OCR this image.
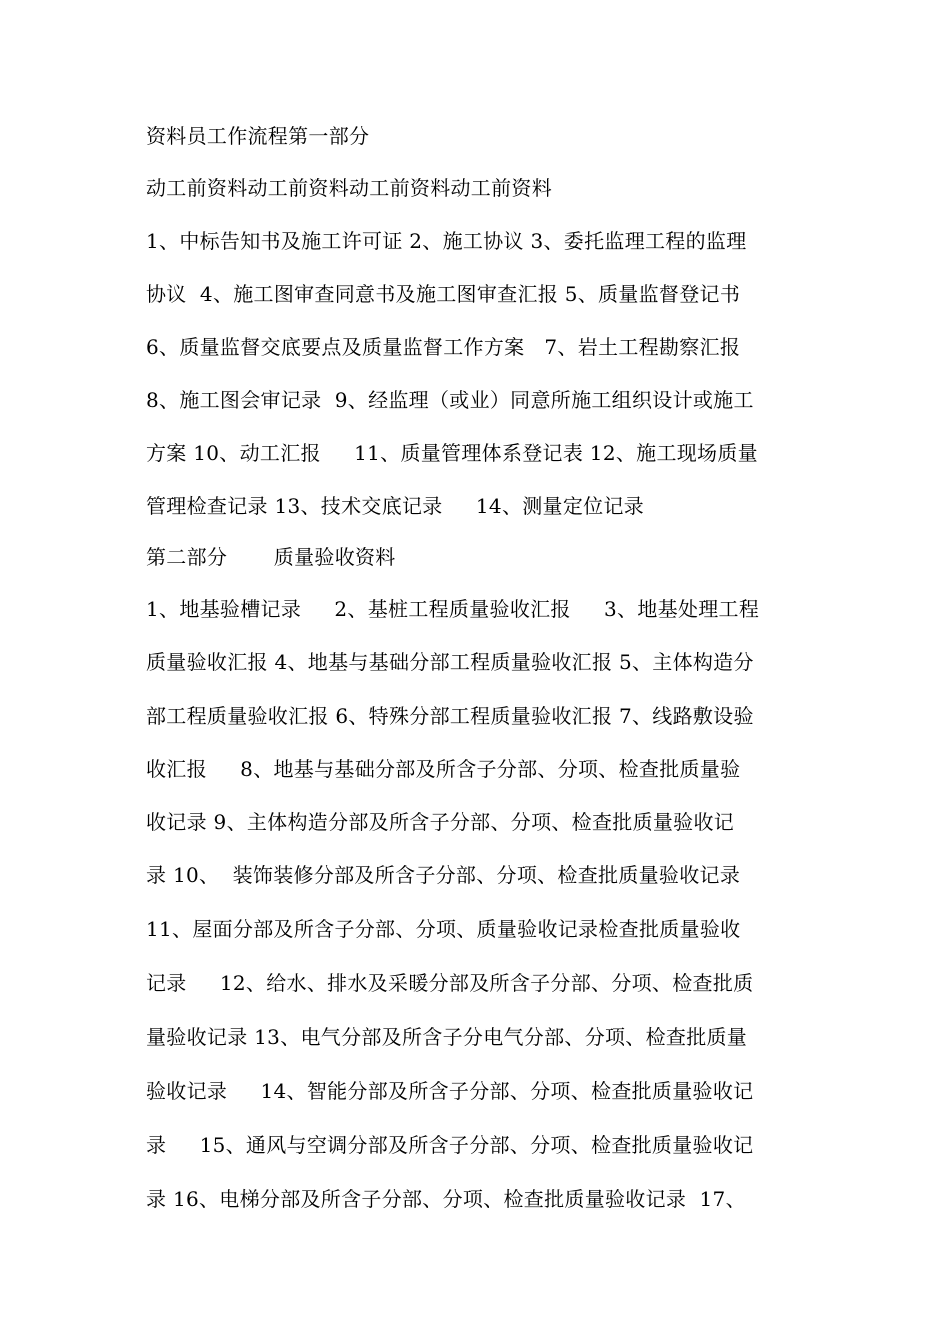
资料员工作流程第一部分
动工前资料动工前资料动工前资料动工前资料
1、中标告知书及施工许可证 2、施工协议 3、委托监理工程的监理
协议  4、施工图审查同意书及施工图审查汇报 5、质量监督登记书
6、质量监督交底要点及质量监督工作方案   7、岩土工程勘察汇报
8、施工图会审记录  9、经监理（或业）同意所施工组织设计或施工
方案 10、动工汇报     11、质量管理体系登记表 12、施工现场质量
管理检查记录 13、技术交底记录     14、测量定位记录
第二部分       质量验收资料
1、地基验槽记录     2、基桩工程质量验收汇报     3、地基处理工程
质量验收汇报 4、地基与基础分部工程质量验收汇报 5、主体构造分
部工程质量验收汇报 6、特殊分部工程质量验收汇报 7、线路敷设验
收汇报     8、地基与基础分部及所含子分部、分项、检查批质量验
收记录 9、主体构造分部及所含子分部、分项、检查批质量验收记
录 10、  装饰装修分部及所含子分部、分项、检查批质量验收记录
11、屋面分部及所含子分部、分项、质量验收记录检查批质量验收
记录     12、给水、排水及采暖分部及所含子分部、分项、检查批质
量验收记录 13、电气分部及所含子分电气分部、分项、检查批质量
验收记录     14、智能分部及所含子分部、分项、检查批质量验收记
录     15、通风与空调分部及所含子分部、分项、检查批质量验收记
录 16、电梯分部及所含子分部、分项、检查批质量验收记录  17、
